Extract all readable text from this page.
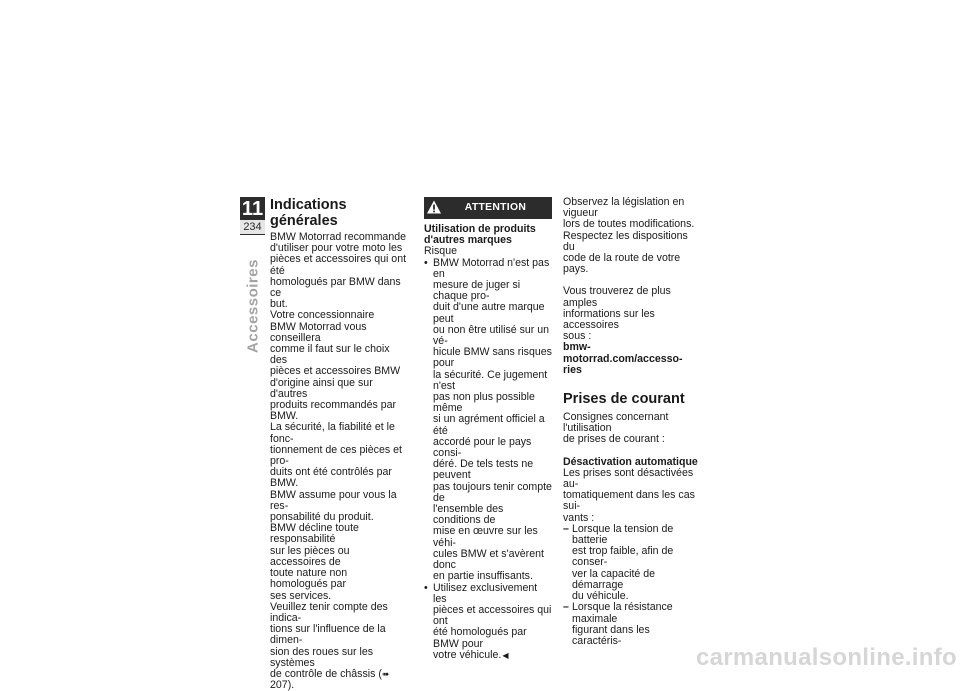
11
234
Accessoires
Indications générales

BMW Motorrad recommande

d'utiliser pour votre moto les

pièces et accessoires qui ont été

homologués par BMW dans ce

but.

Votre concessionnaire

BMW Motorrad vous conseillera

comme il faut sur le choix des

pièces et accessoires BMW

d'origine ainsi que sur d'autres

produits recommandés par BMW.

La sécurité, la fiabilité et le fonc-

tionnement de ces pièces et pro-

duits ont été contrôlés par BMW.

BMW assume pour vous la res-

ponsabilité du produit.

BMW décline toute responsabilité

sur les pièces ou accessoires de

toute nature non homologués par

ses services.

Veuillez tenir compte des indica-

tions sur l'influence de la dimen-

sion des roues sur les systèmes

de contrôle de châssis (➠ 207).

ATTENTION

Utilisation de produits

d'autres marques

Risque

• BMW Motorrad n'est pas en

mesure de juger si chaque pro-

duit d'une autre marque peut

ou non être utilisé sur un vé-

hicule BMW sans risques pour

la sécurité. Ce jugement n'est

pas non plus possible même

si un agrément officiel a été

accordé pour le pays consi-

déré. De tels tests ne peuvent

pas toujours tenir compte de

l'ensemble des conditions de

mise en œuvre sur les véhi-

cules BMW et s'avèrent donc

en partie insuffisants.

• Utilisez exclusivement les

pièces et accessoires qui ont

été homologués par BMW pour

votre véhicule.◀

Observez la législation en vigueur

lors de toutes modifications.

Respectez les dispositions du

code de la route de votre pays.

Vous trouverez de plus amples

informations sur les accessoires

sous :

bmw-motorrad.com/accesso-

ries

Prises de courant

Consignes concernant l'utilisation

de prises de courant :

Désactivation automatique

Les prises sont désactivées au-

tomatiquement dans les cas sui-

vants :

– Lorsque la tension de batterie

est trop faible, afin de conser-

ver la capacité de démarrage

du véhicule.

– Lorsque la résistance maximale

figurant dans les caractéris-

carmanualsonline.info
